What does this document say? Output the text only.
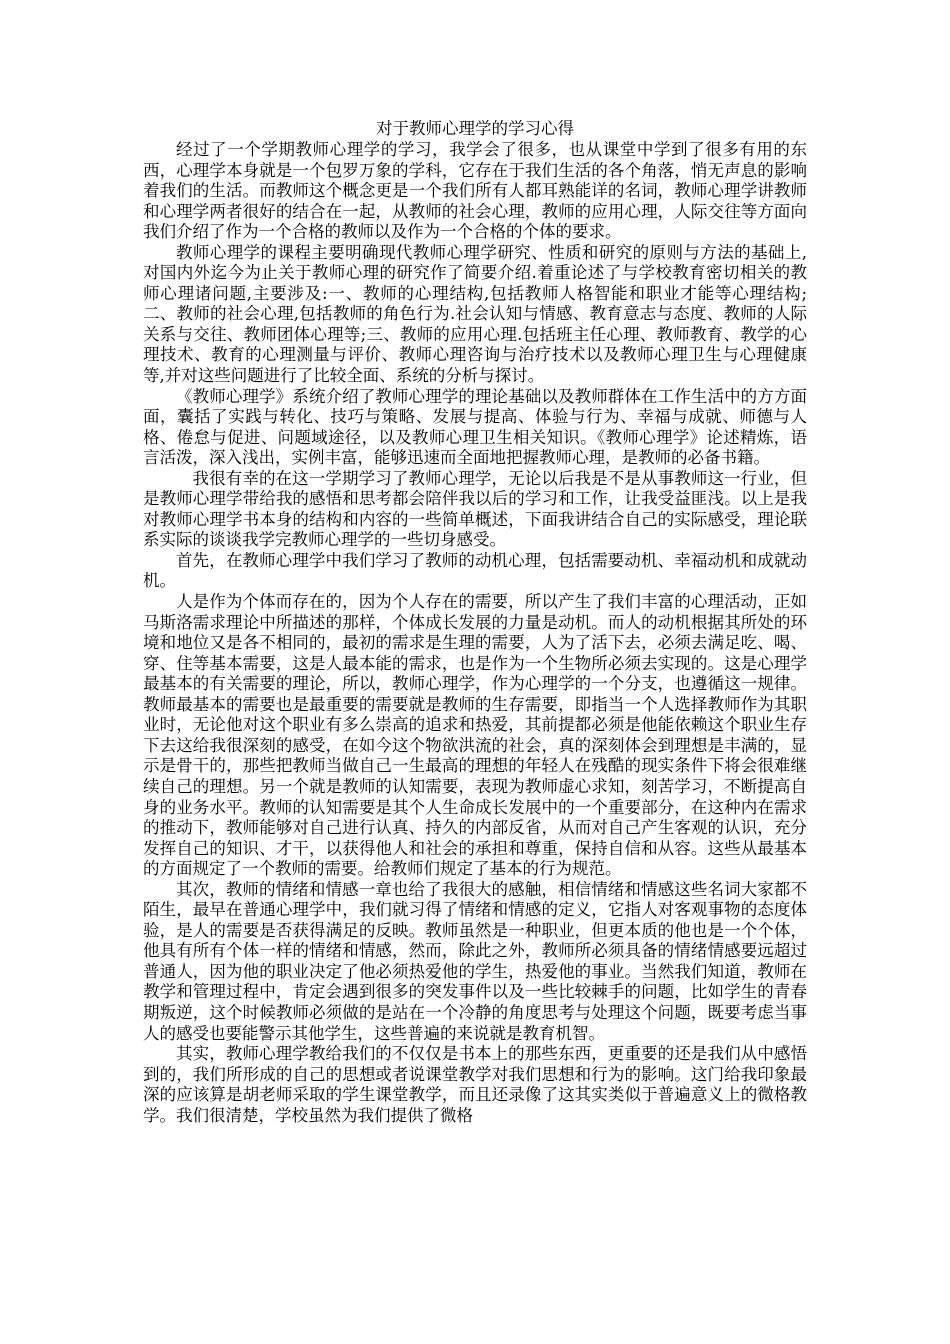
对于教师心理学的学习心得

经过了一个学期教师心理学的学习，我学会了很多，也从课堂中学到了很多有用的东西，心理学本身就是一个包罗万象的学科，它存在于我们生活的各个角落，悄无声息的影响着我们的生活。而教师这个概念更是一个我们所有人都耳熟能详的名词，教师心理学讲教师和心理学两者很好的结合在一起，从教师的社会心理，教师的应用心理，人际交往等方面向我们介绍了作为一个合格的教师以及作为一个合格的个体的要求。

教师心理学的课程主要明确现代教师心理学研究、性质和研究的原则与方法的基础上,对国内外迄今为止关于教师心理的研究作了简要介绍.着重论述了与学校教育密切相关的教师心理诸问题,主要涉及:一、教师的心理结构,包括教师人格智能和职业才能等心理结构;二、教师的社会心理,包括教师的角色行为.社会认知与情感、教育意志与态度、教师的人际关系与交往、教师团体心理等;三、教师的应用心理.包括班主任心理、教师教育、教学的心理技术、教育的心理测量与评价、教师心理咨询与治疗技术以及教师心理卫生与心理健康等,并对这些问题进行了比较全面、系统的分析与探讨。

《教师心理学》系统介绍了教师心理学的理论基础以及教师群体在工作生活中的方方面面，囊括了实践与转化、技巧与策略、发展与提高、体验与行为、幸福与成就、师德与人格、倦怠与促进、问题域途径，以及教师心理卫生相关知识。《教师心理学》论述精炼，语言活泼，深入浅出，实例丰富，能够迅速而全面地把握教师心理，是教师的必备书籍。

我很有幸的在这一学期学习了教师心理学，无论以后我是不是从事教师这一行业，但是教师心理学带给我的感悟和思考都会陪伴我以后的学习和工作，让我受益匪浅。以上是我对教师心理学书本身的结构和内容的一些简单概述，下面我讲结合自己的实际感受，理论联系实际的谈谈我学完教师心理学的一些切身感受。

首先，在教师心理学中我们学习了教师的动机心理，包括需要动机、幸福动机和成就动机。

人是作为个体而存在的，因为个人存在的需要，所以产生了我们丰富的心理活动，正如马斯洛需求理论中所描述的那样，个体成长发展的力量是动机。而人的动机根据其所处的环境和地位又是各不相同的，最初的需求是生理的需要，人为了活下去，必须去满足吃、喝、穿、住等基本需要，这是人最本能的需求，也是作为一个生物所必须去实现的。这是心理学最基本的有关需要的理论，所以，教师心理学，作为心理学的一个分支，也遵循这一规律。教师最基本的需要也是最重要的需要就是教师的生存需要，即指当一个人选择教师作为其职业时，无论他对这个职业有多么崇高的追求和热爱，其前提都必须是他能依赖这个职业生存下去这给我很深刻的感受，在如今这个物欲洪流的社会，真的深刻体会到理想是丰满的，显示是骨干的，那些把教师当做自己一生最高的理想的年轻人在残酷的现实条件下将会很难继续自己的理想。另一个就是教师的认知需要，表现为教师虚心求知，刻苦学习，不断提高自身的业务水平。教师的认知需要是其个人生命成长发展中的一个重要部分，在这种内在需求的推动下，教师能够对自己进行认真、持久的内部反省，从而对自己产生客观的认识，充分发挥自己的知识、才干，以获得他人和社会的承担和尊重，保持自信和从容。这些从最基本的方面规定了一个教师的需要。给教师们规定了基本的行为规范。

其次，教师的情绪和情感一章也给了我很大的感触，相信情绪和情感这些名词大家都不陌生，最早在普通心理学中，我们就习得了情绪和情感的定义，它指人对客观事物的态度体验，是人的需要是否获得满足的反映。教师虽然是一种职业，但更本质的他也是一个个体，他具有所有个体一样的情绪和情感，然而，除此之外，教师所必须具备的情绪情感要远超过普通人，因为他的职业决定了他必须热爱他的学生，热爱他的事业。当然我们知道，教师在教学和管理过程中，肯定会遇到很多的突发事件以及一些比较棘手的问题，比如学生的青春期叛逆，这个时候教师必须做的是站在一个冷静的角度思考与处理这个问题，既要考虑当事人的感受也要能警示其他学生，这些普遍的来说就是教育机智。

其实，教师心理学教给我们的不仅仅是书本上的那些东西，更重要的还是我们从中感悟到的，我们所形成的自己的思想或者说课堂教学对我们思想和行为的影响。这门给我印象最深的应该算是胡老师采取的学生课堂教学，而且还录像了这其实类似于普遍意义上的微格教学。我们很清楚，学校虽然为我们提供了微格
